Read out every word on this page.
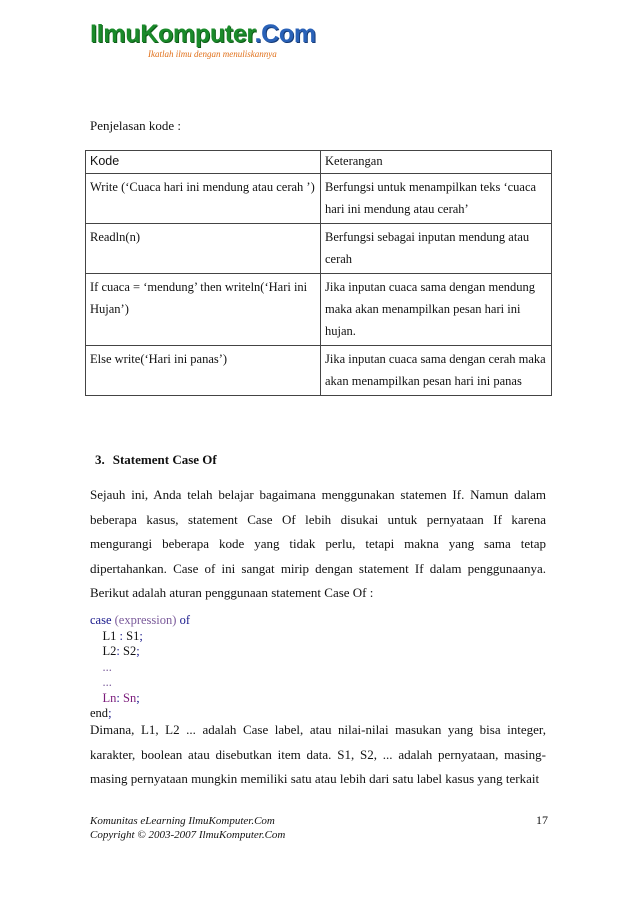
IlmuKomputer.Com
Ikatlah ilmu dengan menuliskannya
Penjelasan kode :
Kode	Keterangan
Write (‘Cuaca hari ini mendung atau cerah ’)	Berfungsi untuk menampilkan teks ‘cuaca hari ini mendung atau cerah’
Readln(n)	Berfungsi sebagai inputan mendung atau cerah
If cuaca = ‘mendung’ then writeln(‘Hari ini Hujan’)	Jika inputan cuaca sama dengan mendung maka akan menampilkan pesan hari ini hujan.
Else write(‘Hari ini panas’)	Jika inputan cuaca sama dengan cerah maka akan menampilkan pesan hari ini panas
3. Statement Case Of
Sejauh ini, Anda telah belajar bagaimana menggunakan statemen If. Namun dalam beberapa kasus, statement Case Of lebih disukai untuk pernyataan If karena mengurangi beberapa kode yang tidak perlu, tetapi makna yang sama tetap dipertahankan. Case of ini sangat mirip dengan statement If dalam penggunaanya. Berikut adalah aturan penggunaan statement Case Of :
case (expression) of
L1 : S1;
L2: S2;
...
...
Ln: Sn;
end;
Dimana, L1, L2 ... adalah Case label, atau nilai-nilai masukan yang bisa integer, karakter, boolean atau disebutkan item data. S1, S2, ... adalah pernyataan, masing-masing pernyataan mungkin memiliki satu atau lebih dari satu label kasus yang terkait
Komunitas eLearning IlmuKomputer.Com
Copyright © 2003-2007 IlmuKomputer.Com
17
